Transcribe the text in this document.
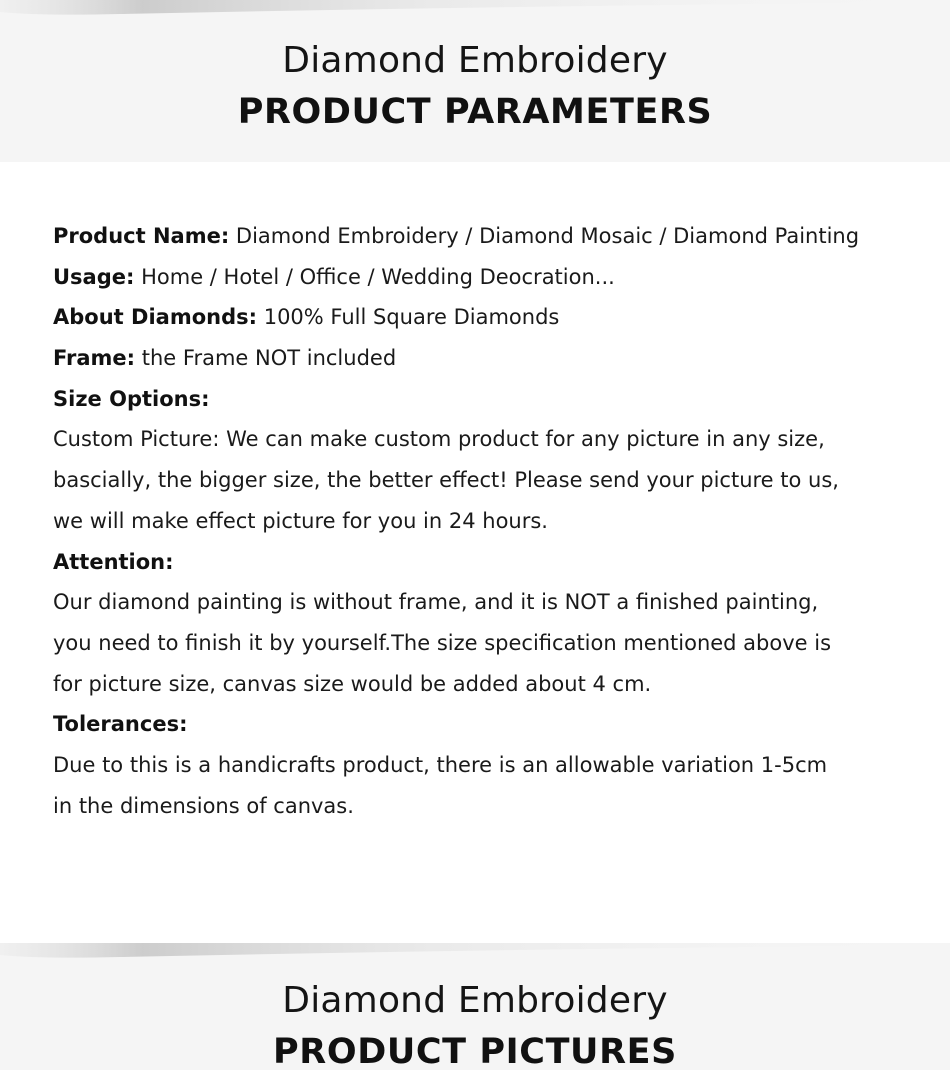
Diamond Embroidery
PRODUCT PARAMETERS
Product Name: Diamond Embroidery / Diamond Mosaic / Diamond Painting
Usage: Home / Hotel / Office / Wedding Deocration...
About Diamonds: 100% Full Square Diamonds
Frame: the Frame NOT included
Size Options:
Custom Picture: We can make custom product for any picture in any size,
bascially, the bigger size, the better effect! Please send your picture to us,
we will make effect picture for you in 24 hours.
Attention:
Our diamond painting is without frame, and it is NOT a finished painting,
you need to finish it by yourself.The size specification mentioned above is
for picture size, canvas size would be added about 4 cm.
Tolerances:
Due to this is a handicrafts product, there is an allowable variation 1-5cm
in the dimensions of canvas.
Diamond Embroidery
PRODUCT PICTURES
